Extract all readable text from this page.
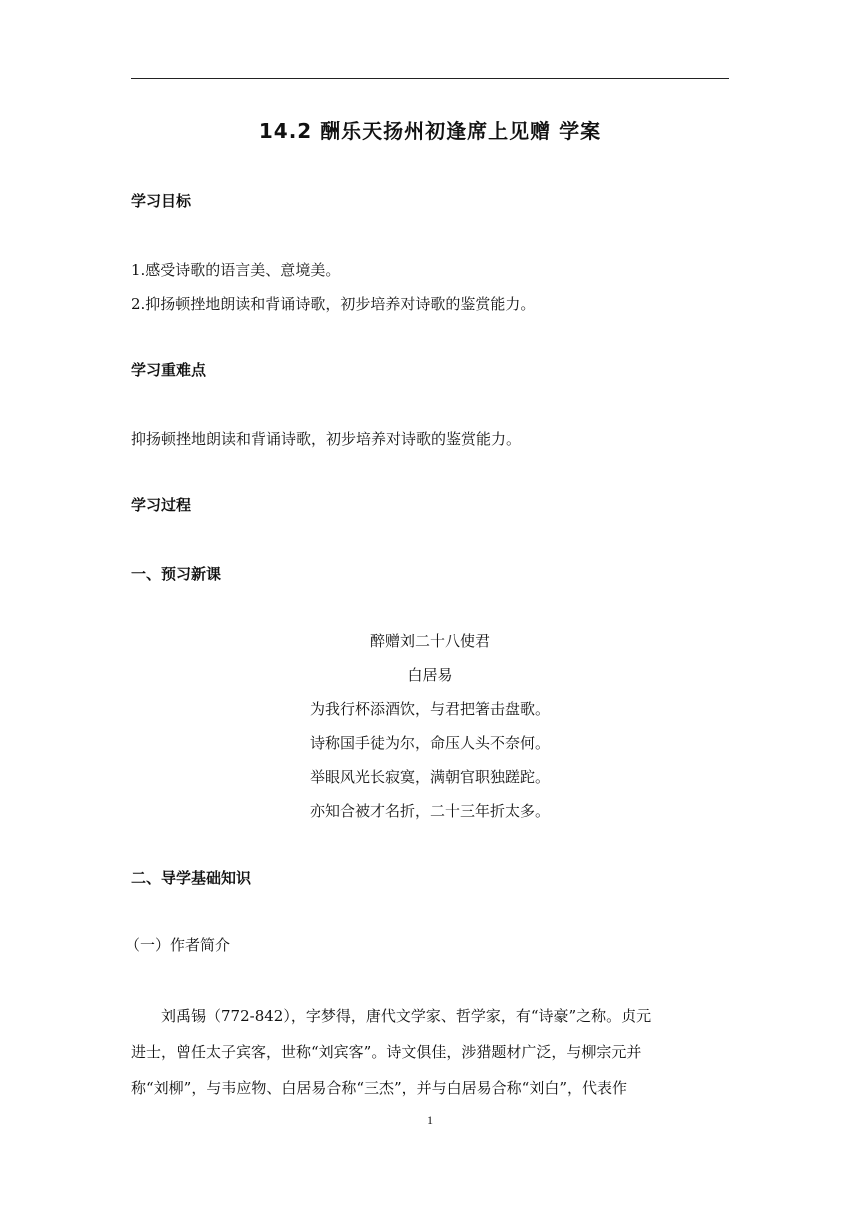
14.2 酬乐天扬州初逢席上见赠 学案
学习目标
1.感受诗歌的语言美、意境美。
2.抑扬顿挫地朗读和背诵诗歌，初步培养对诗歌的鉴赏能力。
学习重难点
抑扬顿挫地朗读和背诵诗歌，初步培养对诗歌的鉴赏能力。
学习过程
一、预习新课
醉赠刘二十八使君
白居易
为我行杯添酒饮，与君把箸击盘歌。
诗称国手徒为尔，命压人头不奈何。
举眼风光长寂寞，满朝官职独蹉跎。
亦知合被才名折，二十三年折太多。
二、导学基础知识
（一）作者简介
刘禹锡（772-842），字梦得，唐代文学家、哲学家，有“诗豪”之称。贞元
进士，曾任太子宾客，世称“刘宾客”。诗文俱佳，涉猎题材广泛，与柳宗元并
称“刘柳”，与韦应物、白居易合称“三杰”，并与白居易合称“刘白”，代表作
1
